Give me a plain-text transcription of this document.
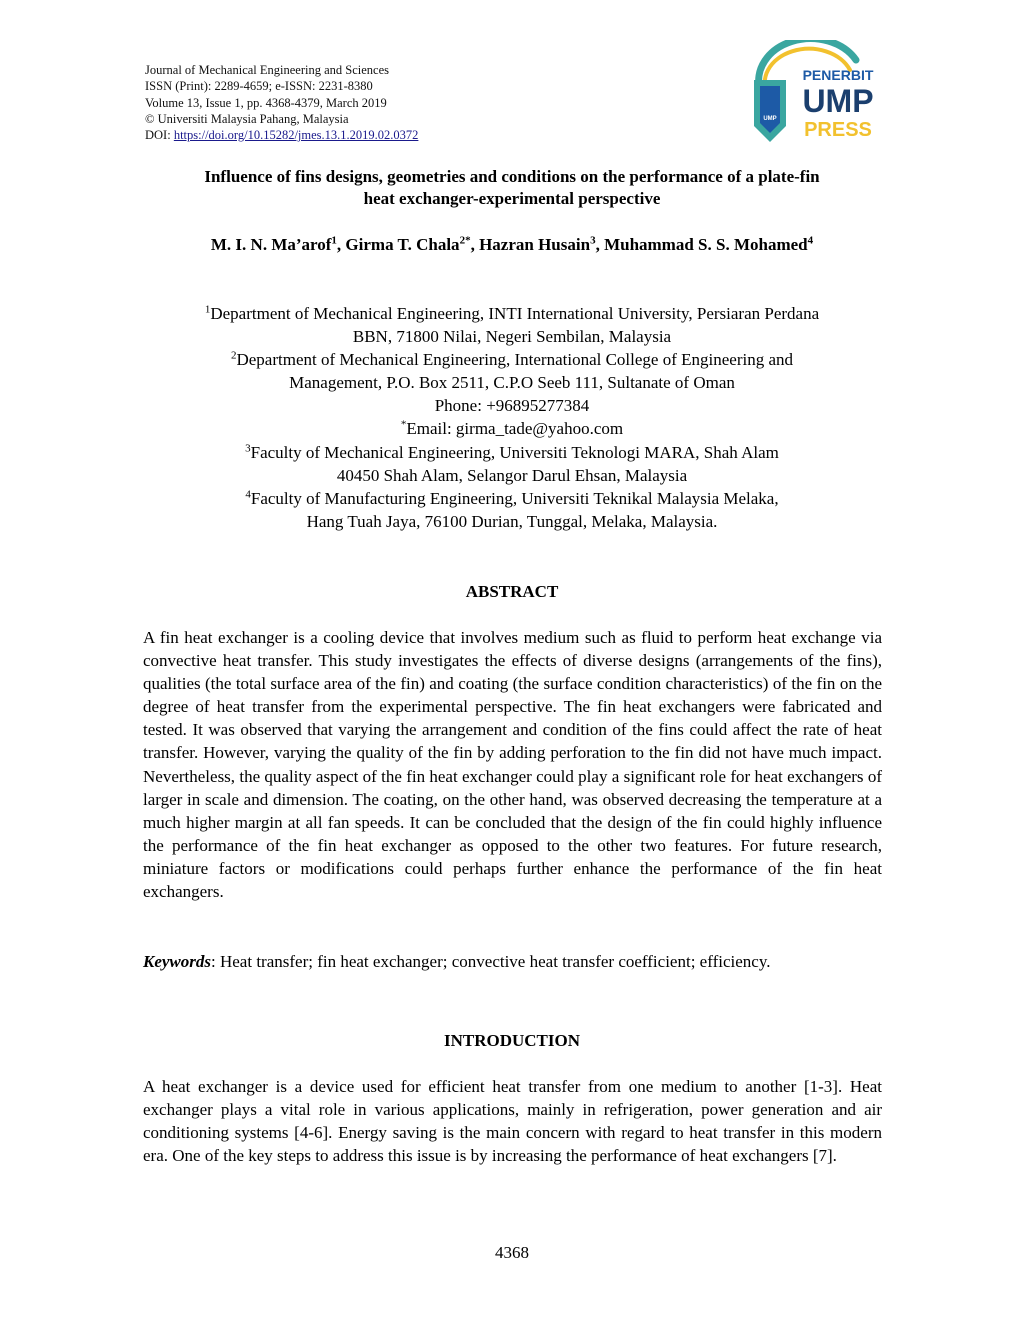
Journal of Mechanical Engineering and Sciences
ISSN (Print): 2289-4659; e-ISSN: 2231-8380
Volume 13, Issue 1, pp. 4368-4379, March 2019
© Universiti Malaysia Pahang, Malaysia
DOI: https://doi.org/10.15282/jmes.13.1.2019.02.0372
UMP
PENERBIT
UMP
PRESS
Influence of fins designs, geometries and conditions on the performance of a plate-fin
heat exchanger-experimental perspective
M. I. N. Ma’arof$^1$, Girma T. Chala$^{2*}$, Hazran Husain$^3$, Muhammad S. S. Mohamed$^4$
$^1$Department of Mechanical Engineering, INTI International University, Persiaran Perdana
BBN, 71800 Nilai, Negeri Sembilan, Malaysia
$^2$Department of Mechanical Engineering, International College of Engineering and
Management, P.O. Box 2511, C.P.O Seeb 111, Sultanate of Oman
Phone: +96895277384
*Email: girma_tade@yahoo.com
$^3$Faculty of Mechanical Engineering, Universiti Teknologi MARA, Shah Alam
40450 Shah Alam, Selangor Darul Ehsan, Malaysia
$^4$Faculty of Manufacturing Engineering, Universiti Teknikal Malaysia Melaka,
Hang Tuah Jaya, 76100 Durian, Tunggal, Melaka, Malaysia.
ABSTRACT
A fin heat exchanger is a cooling device that involves medium such as fluid to perform heat exchange via convective heat transfer. This study investigates the effects of diverse designs (arrangements of the fins), qualities (the total surface area of the fin) and coating (the surface condition characteristics) of the fin on the degree of heat transfer from the experimental perspective. The fin heat exchangers were fabricated and tested. It was observed that varying the arrangement and condition of the fins could affect the rate of heat transfer. However, varying the quality of the fin by adding perforation to the fin did not have much impact. Nevertheless, the quality aspect of the fin heat exchanger could play a significant role for heat exchangers of larger in scale and dimension. The coating, on the other hand, was observed decreasing the temperature at a much higher margin at all fan speeds. It can be concluded that the design of the fin could highly influence the performance of the fin heat exchanger as opposed to the other two features. For future research, miniature factors or modifications could perhaps further enhance the performance of the fin heat exchangers.
Keywords: Heat transfer; fin heat exchanger; convective heat transfer coefficient; efficiency.
INTRODUCTION
A heat exchanger is a device used for efficient heat transfer from one medium to another [1-3]. Heat exchanger plays a vital role in various applications, mainly in refrigeration, power generation and air conditioning systems [4-6]. Energy saving is the main concern with regard to heat transfer in this modern era. One of the key steps to address this issue is by increasing the performance of heat exchangers [7].
4368
